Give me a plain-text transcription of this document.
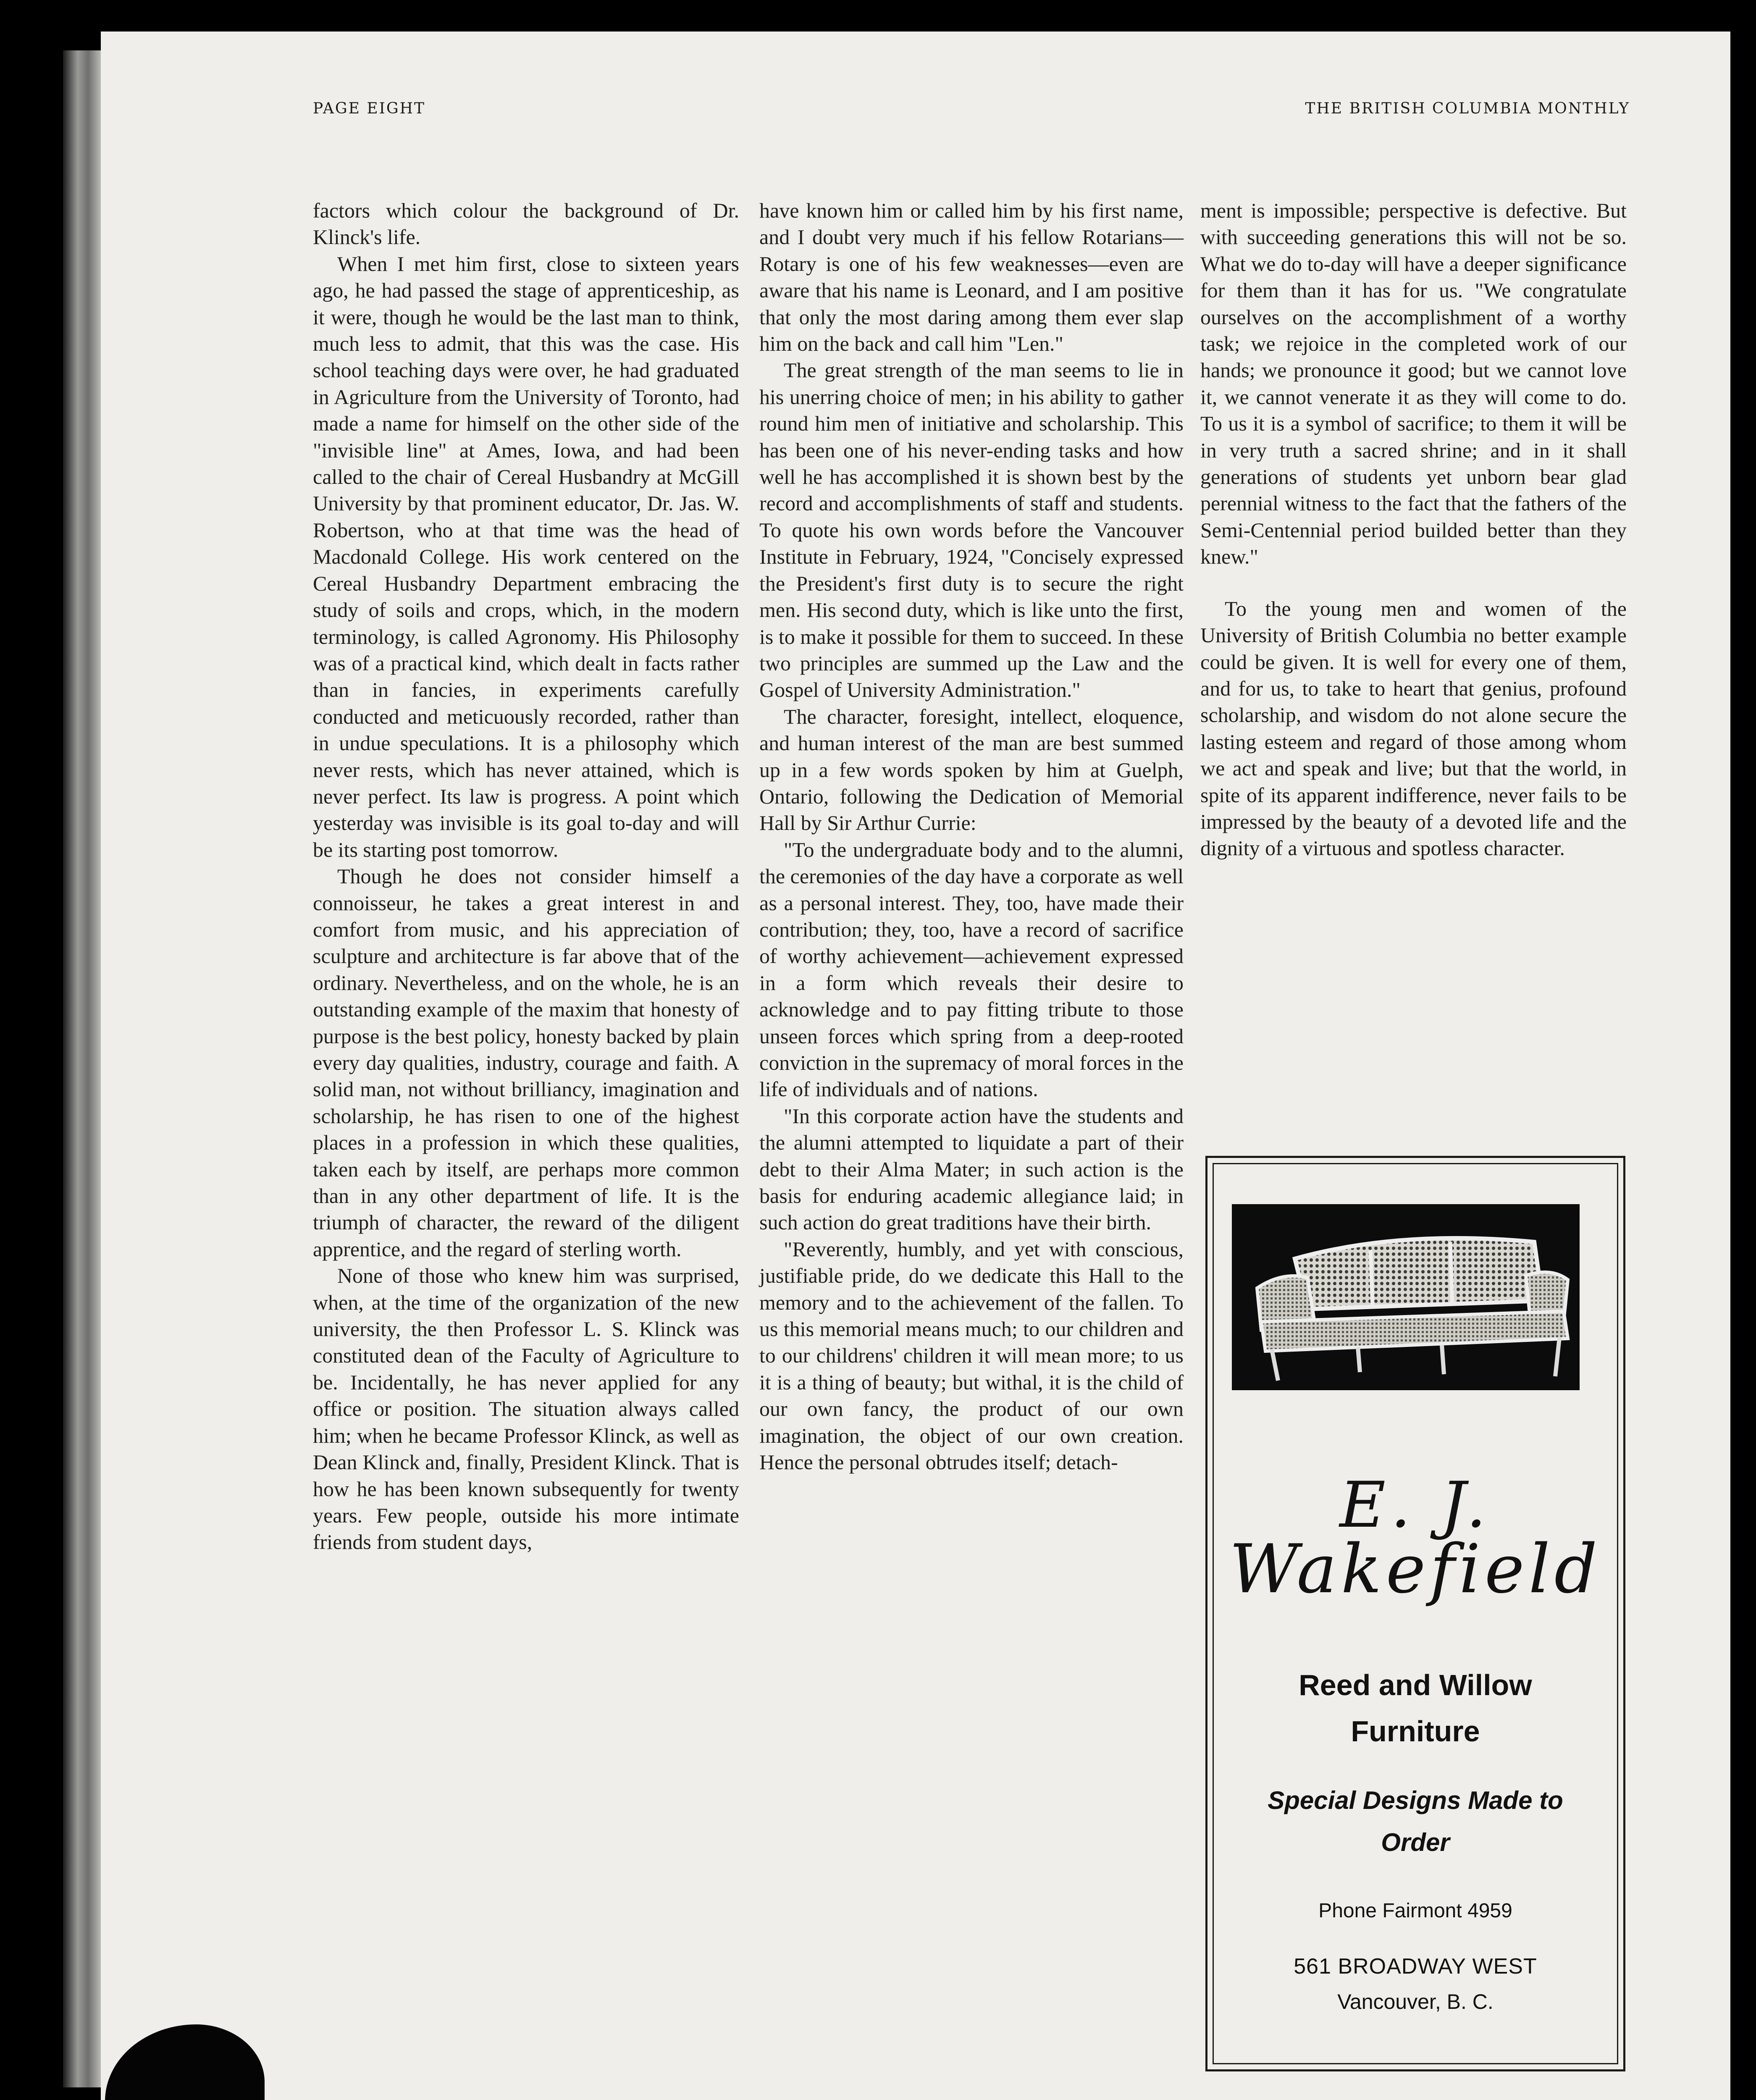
PAGE EIGHT	THE BRITISH COLUMBIA MONTHLY

factors which colour the background of Dr. Klinck's life.

When I met him first, close to sixteen years ago, he had passed the stage of apprenticeship, as it were, though he would be the last man to think, much less to admit, that this was the case. His school teaching days were over, he had graduated in Agriculture from the University of Toronto, had made a name for himself on the other side of the "invisible line" at Ames, Iowa, and had been called to the chair of Cereal Husbandry at McGill University by that prominent educator, Dr. Jas. W. Robertson, who at that time was the head of Macdonald College. His work centered on the Cereal Husbandry Department embracing the study of soils and crops, which, in the modern terminology, is called Agronomy. His Philosophy was of a practical kind, which dealt in facts rather than in fancies, in experiments carefully conducted and meticuously recorded, rather than in undue speculations. It is a philosophy which never rests, which has never attained, which is never perfect. Its law is progress. A point which yesterday was invisible is its goal to-day and will be its starting post tomorrow.

Though he does not consider himself a connoisseur, he takes a great interest in and comfort from music, and his appreciation of sculpture and architecture is far above that of the ordinary. Nevertheless, and on the whole, he is an outstanding example of the maxim that honesty of purpose is the best policy, honesty backed by plain every day qualities, industry, courage and faith. A solid man, not without brilliancy, imagination and scholarship, he has risen to one of the highest places in a profession in which these qualities, taken each by itself, are perhaps more common than in any other department of life. It is the triumph of character, the reward of the diligent apprentice, and the regard of sterling worth.

None of those who knew him was surprised, when, at the time of the organization of the new university, the then Professor L. S. Klinck was constituted dean of the Faculty of Agriculture to be. Incidentally, he has never applied for any office or position. The situation always called him; when he became Professor Klinck, as well as Dean Klinck and, finally, President Klinck. That is how he has been known subsequently for twenty years. Few people, outside his more intimate friends from student days,

have known him or called him by his first name, and I doubt very much if his fellow Rotarians—Rotary is one of his few weaknesses—even are aware that his name is Leonard, and I am positive that only the most daring among them ever slap him on the back and call him "Len."

The great strength of the man seems to lie in his unerring choice of men; in his ability to gather round him men of initiative and scholarship. This has been one of his never-ending tasks and how well he has accomplished it is shown best by the record and accomplishments of staff and students. To quote his own words before the Vancouver Institute in February, 1924, "Concisely expressed the President's first duty is to secure the right men. His second duty, which is like unto the first, is to make it possible for them to succeed. In these two principles are summed up the Law and the Gospel of University Administration."

The character, foresight, intellect, eloquence, and human interest of the man are best summed up in a few words spoken by him at Guelph, Ontario, following the Dedication of Memorial Hall by Sir Arthur Currie:

"To the undergraduate body and to the alumni, the ceremonies of the day have a corporate as well as a personal interest. They, too, have made their contribution; they, too, have a record of sacrifice of worthy achievement—achievement expressed in a form which reveals their desire to acknowledge and to pay fitting tribute to those unseen forces which spring from a deep-rooted conviction in the supremacy of moral forces in the life of individuals and of nations.

"In this corporate action have the students and the alumni attempted to liquidate a part of their debt to their Alma Mater; in such action is the basis for enduring academic allegiance laid; in such action do great traditions have their birth.

"Reverently, humbly, and yet with conscious, justifiable pride, do we dedicate this Hall to the memory and to the achievement of the fallen. To us this memorial means much; to our children and to our childrens' children it will mean more; to us it is a thing of beauty; but withal, it is the child of our own fancy, the product of our own imagination, the object of our own creation. Hence the personal obtrudes itself; detach-

ment is impossible; perspective is defective. But with succeeding generations this will not be so. What we do to-day will have a deeper significance for them than it has for us. "We congratulate ourselves on the accomplishment of a worthy task; we rejoice in the completed work of our hands; we pronounce it good; but we cannot love it, we cannot venerate it as they will come to do. To us it is a symbol of sacrifice; to them it will be in very truth a sacred shrine; and in it shall generations of students yet unborn bear glad perennial witness to the fact that the fathers of the Semi-Centennial period builded better than they knew."

To the young men and women of the University of British Columbia no better example could be given. It is well for every one of them, and for us, to take to heart that genius, profound scholarship, and wisdom do not alone secure the lasting esteem and regard of those among whom we act and speak and live; but that the world, in spite of its apparent indifference, never fails to be impressed by the beauty of a devoted life and the dignity of a virtuous and spotless character.

E. J.
Wakefield
Reed and Willow Furniture
Special Designs Made to Order
Phone Fairmont 4959
561 BROADWAY WEST
Vancouver, B. C.
